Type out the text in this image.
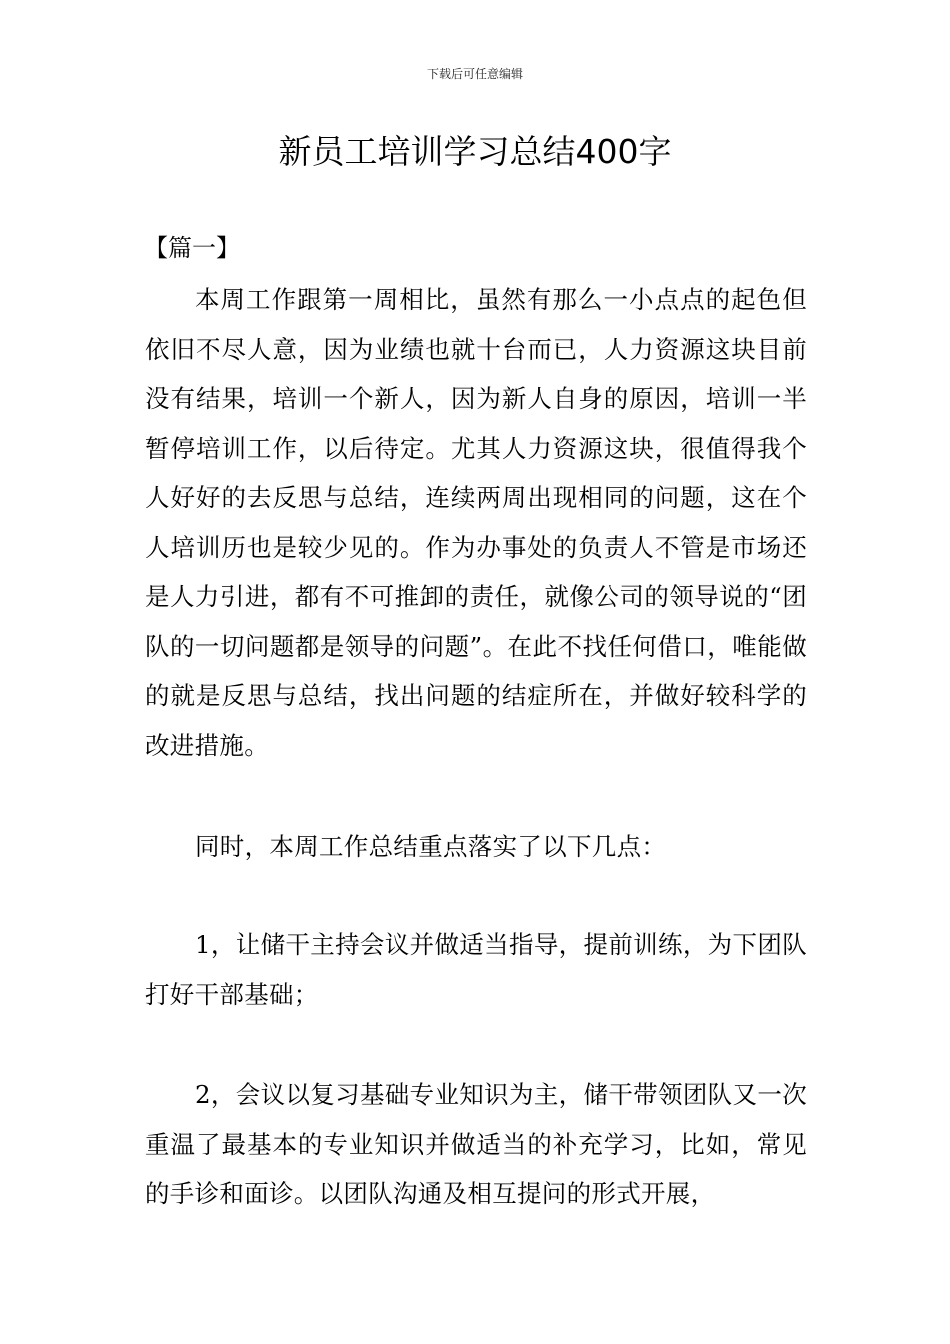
下载后可任意编辑
新员工培训学习总结400字
【篇一】

本周工作跟第一周相比，虽然有那么一小点点的起色但依旧不尽人意，因为业绩也就十台而已，人力资源这块目前没有结果，培训一个新人，因为新人自身的原因，培训一半暂停培训工作，以后待定。尤其人力资源这块，很值得我个人好好的去反思与总结，连续两周出现相同的问题，这在个人培训历也是较少见的。作为办事处的负责人不管是市场还是人力引进，都有不可推卸的责任，就像公司的领导说的“团队的一切问题都是领导的问题”。在此不找任何借口，唯能做的就是反思与总结，找出问题的结症所在，并做好较科学的改进措施。

同时，本周工作总结重点落实了以下几点：

1，让储干主持会议并做适当指导，提前训练，为下团队打好干部基础；

2，会议以复习基础专业知识为主，储干带领团队又一次重温了最基本的专业知识并做适当的补充学习，比如，常见的手诊和面诊。以团队沟通及相互提问的形式开展，
